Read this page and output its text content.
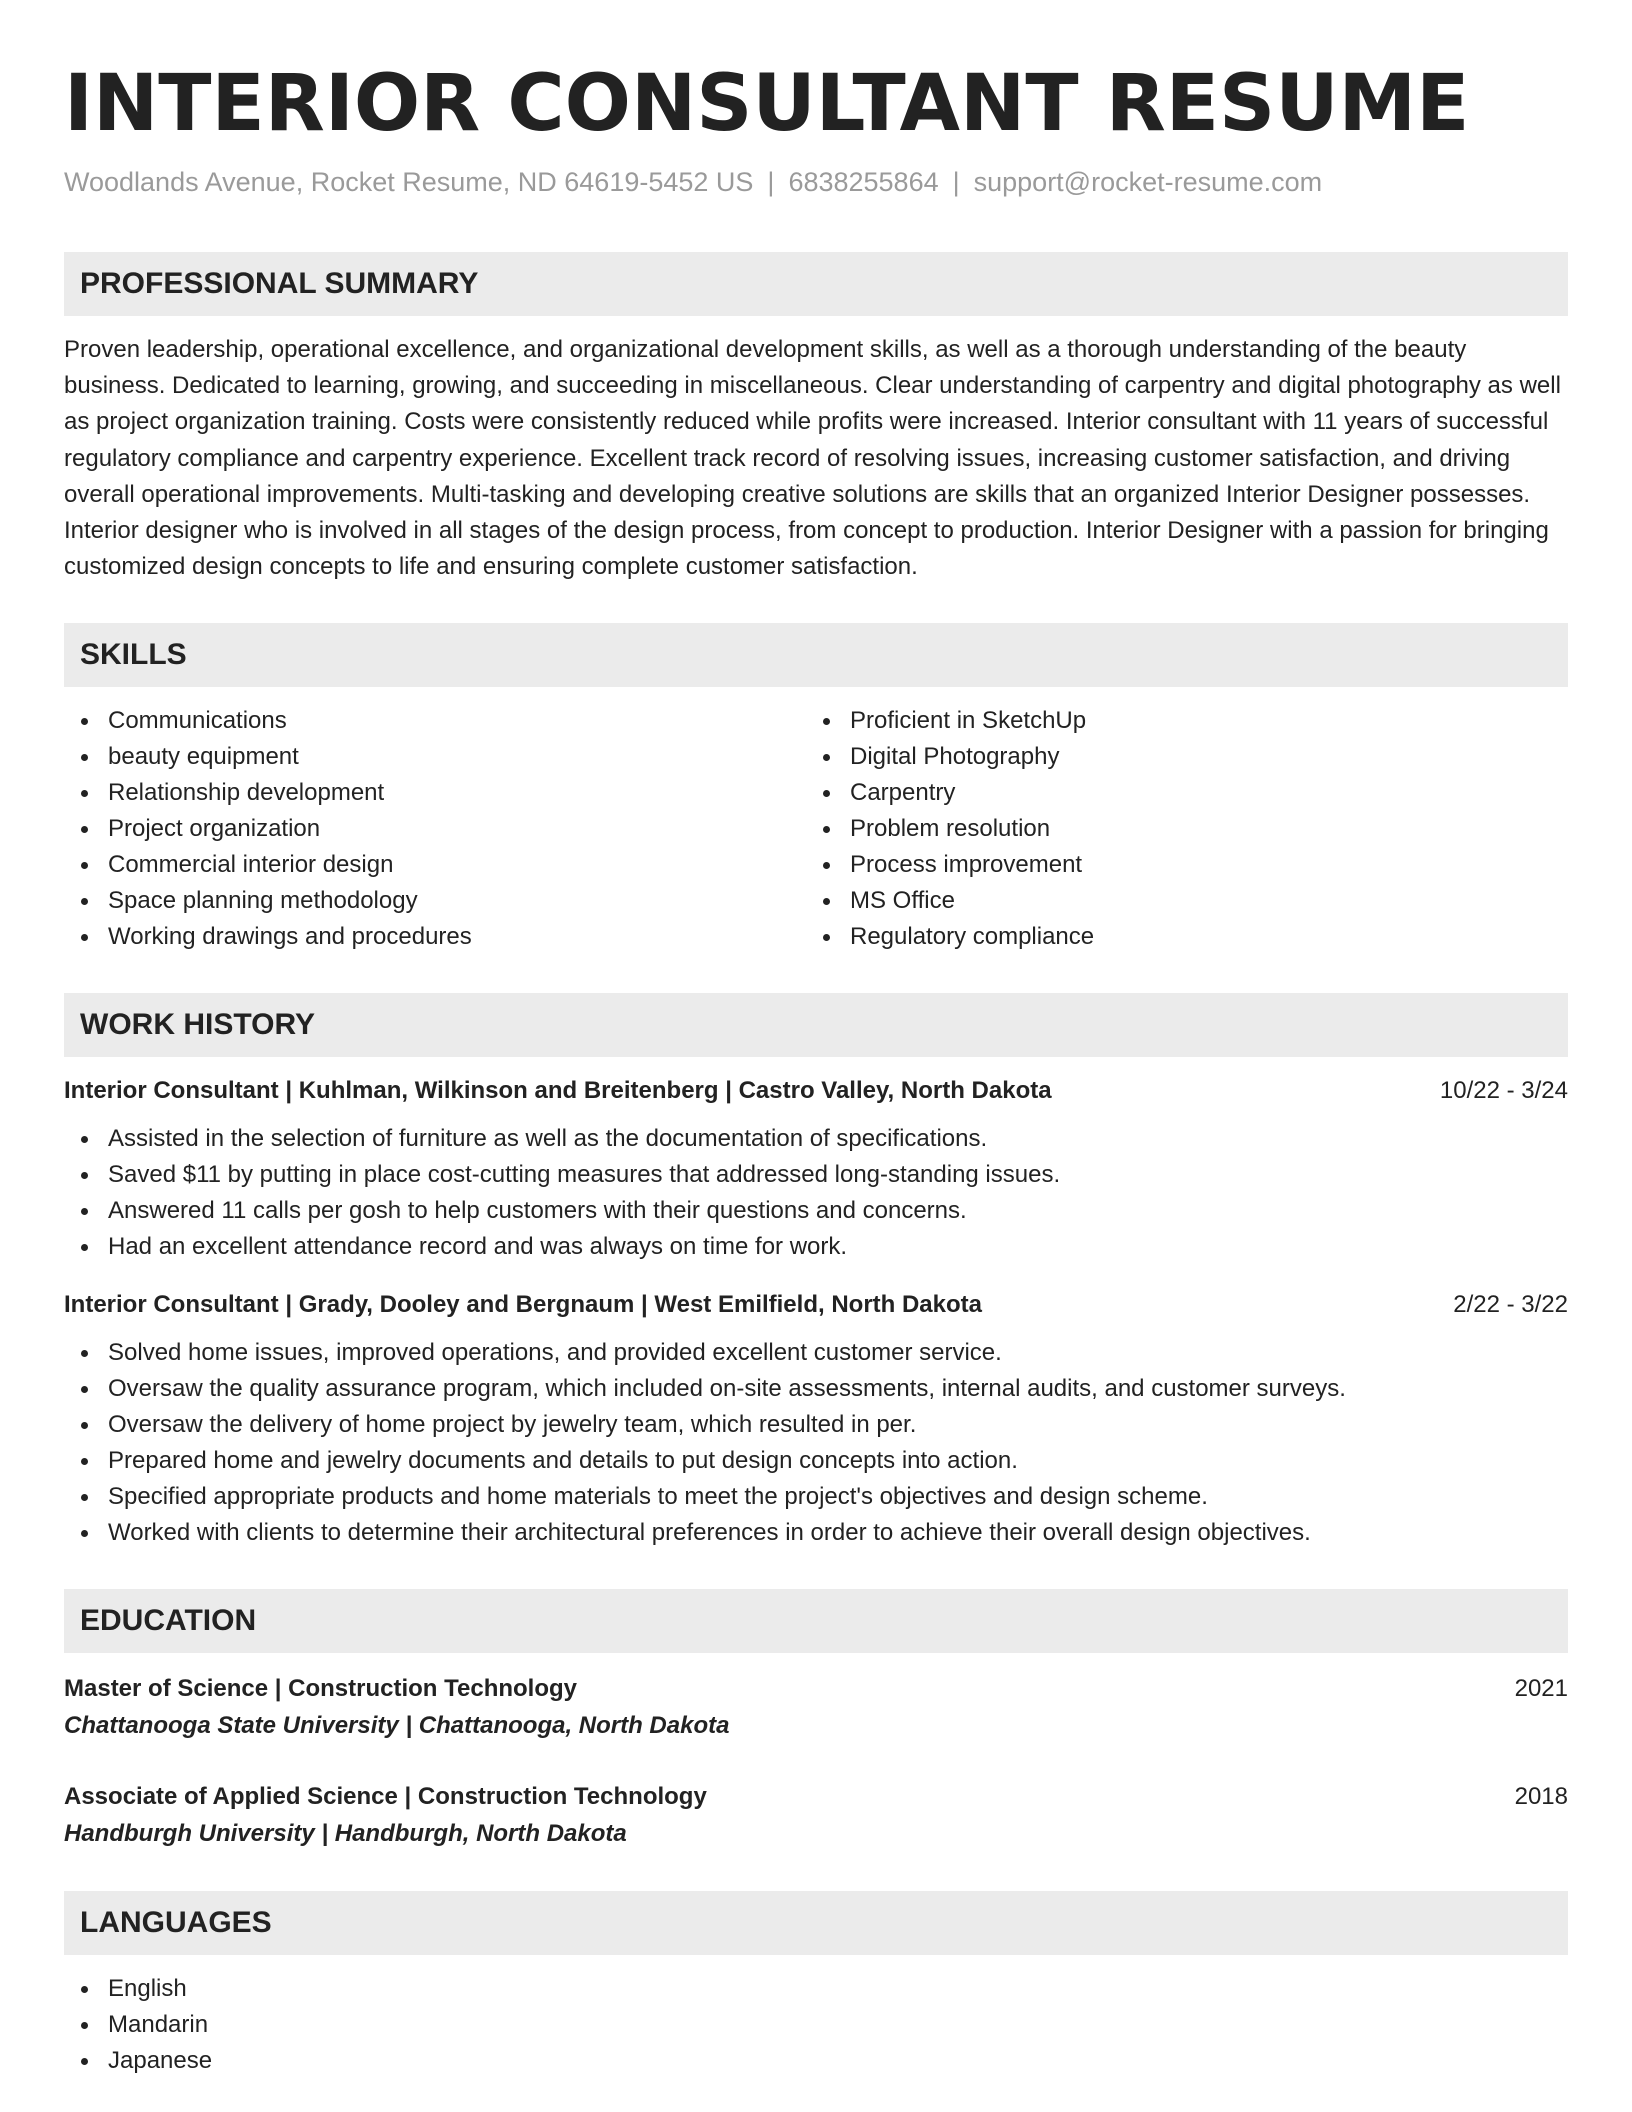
INTERIOR CONSULTANT RESUME
Woodlands Avenue, Rocket Resume, ND 64619-5452 US | 6838255864 | support@rocket-resume.com
PROFESSIONAL SUMMARY
Proven leadership, operational excellence, and organizational development skills, as well as a thorough understanding of the beauty business. Dedicated to learning, growing, and succeeding in miscellaneous. Clear understanding of carpentry and digital photography as well as project organization training. Costs were consistently reduced while profits were increased. Interior consultant with 11 years of successful regulatory compliance and carpentry experience. Excellent track record of resolving issues, increasing customer satisfaction, and driving overall operational improvements. Multi-tasking and developing creative solutions are skills that an organized Interior Designer possesses. Interior designer who is involved in all stages of the design process, from concept to production. Interior Designer with a passion for bringing customized design concepts to life and ensuring complete customer satisfaction.
SKILLS
Communications
beauty equipment
Relationship development
Project organization
Commercial interior design
Space planning methodology
Working drawings and procedures
Proficient in SketchUp
Digital Photography
Carpentry
Problem resolution
Process improvement
MS Office
Regulatory compliance
WORK HISTORY
Interior Consultant | Kuhlman, Wilkinson and Breitenberg | Castro Valley, North Dakota	10/22 - 3/24
Assisted in the selection of furniture as well as the documentation of specifications.
Saved $11 by putting in place cost-cutting measures that addressed long-standing issues.
Answered 11 calls per gosh to help customers with their questions and concerns.
Had an excellent attendance record and was always on time for work.
Interior Consultant | Grady, Dooley and Bergnaum | West Emilfield, North Dakota	2/22 - 3/22
Solved home issues, improved operations, and provided excellent customer service.
Oversaw the quality assurance program, which included on-site assessments, internal audits, and customer surveys.
Oversaw the delivery of home project by jewelry team, which resulted in per.
Prepared home and jewelry documents and details to put design concepts into action.
Specified appropriate products and home materials to meet the project's objectives and design scheme.
Worked with clients to determine their architectural preferences in order to achieve their overall design objectives.
EDUCATION
Master of Science | Construction Technology	2021
Chattanooga State University | Chattanooga, North Dakota
Associate of Applied Science | Construction Technology	2018
Handburgh University | Handburgh, North Dakota
LANGUAGES
English
Mandarin
Japanese
